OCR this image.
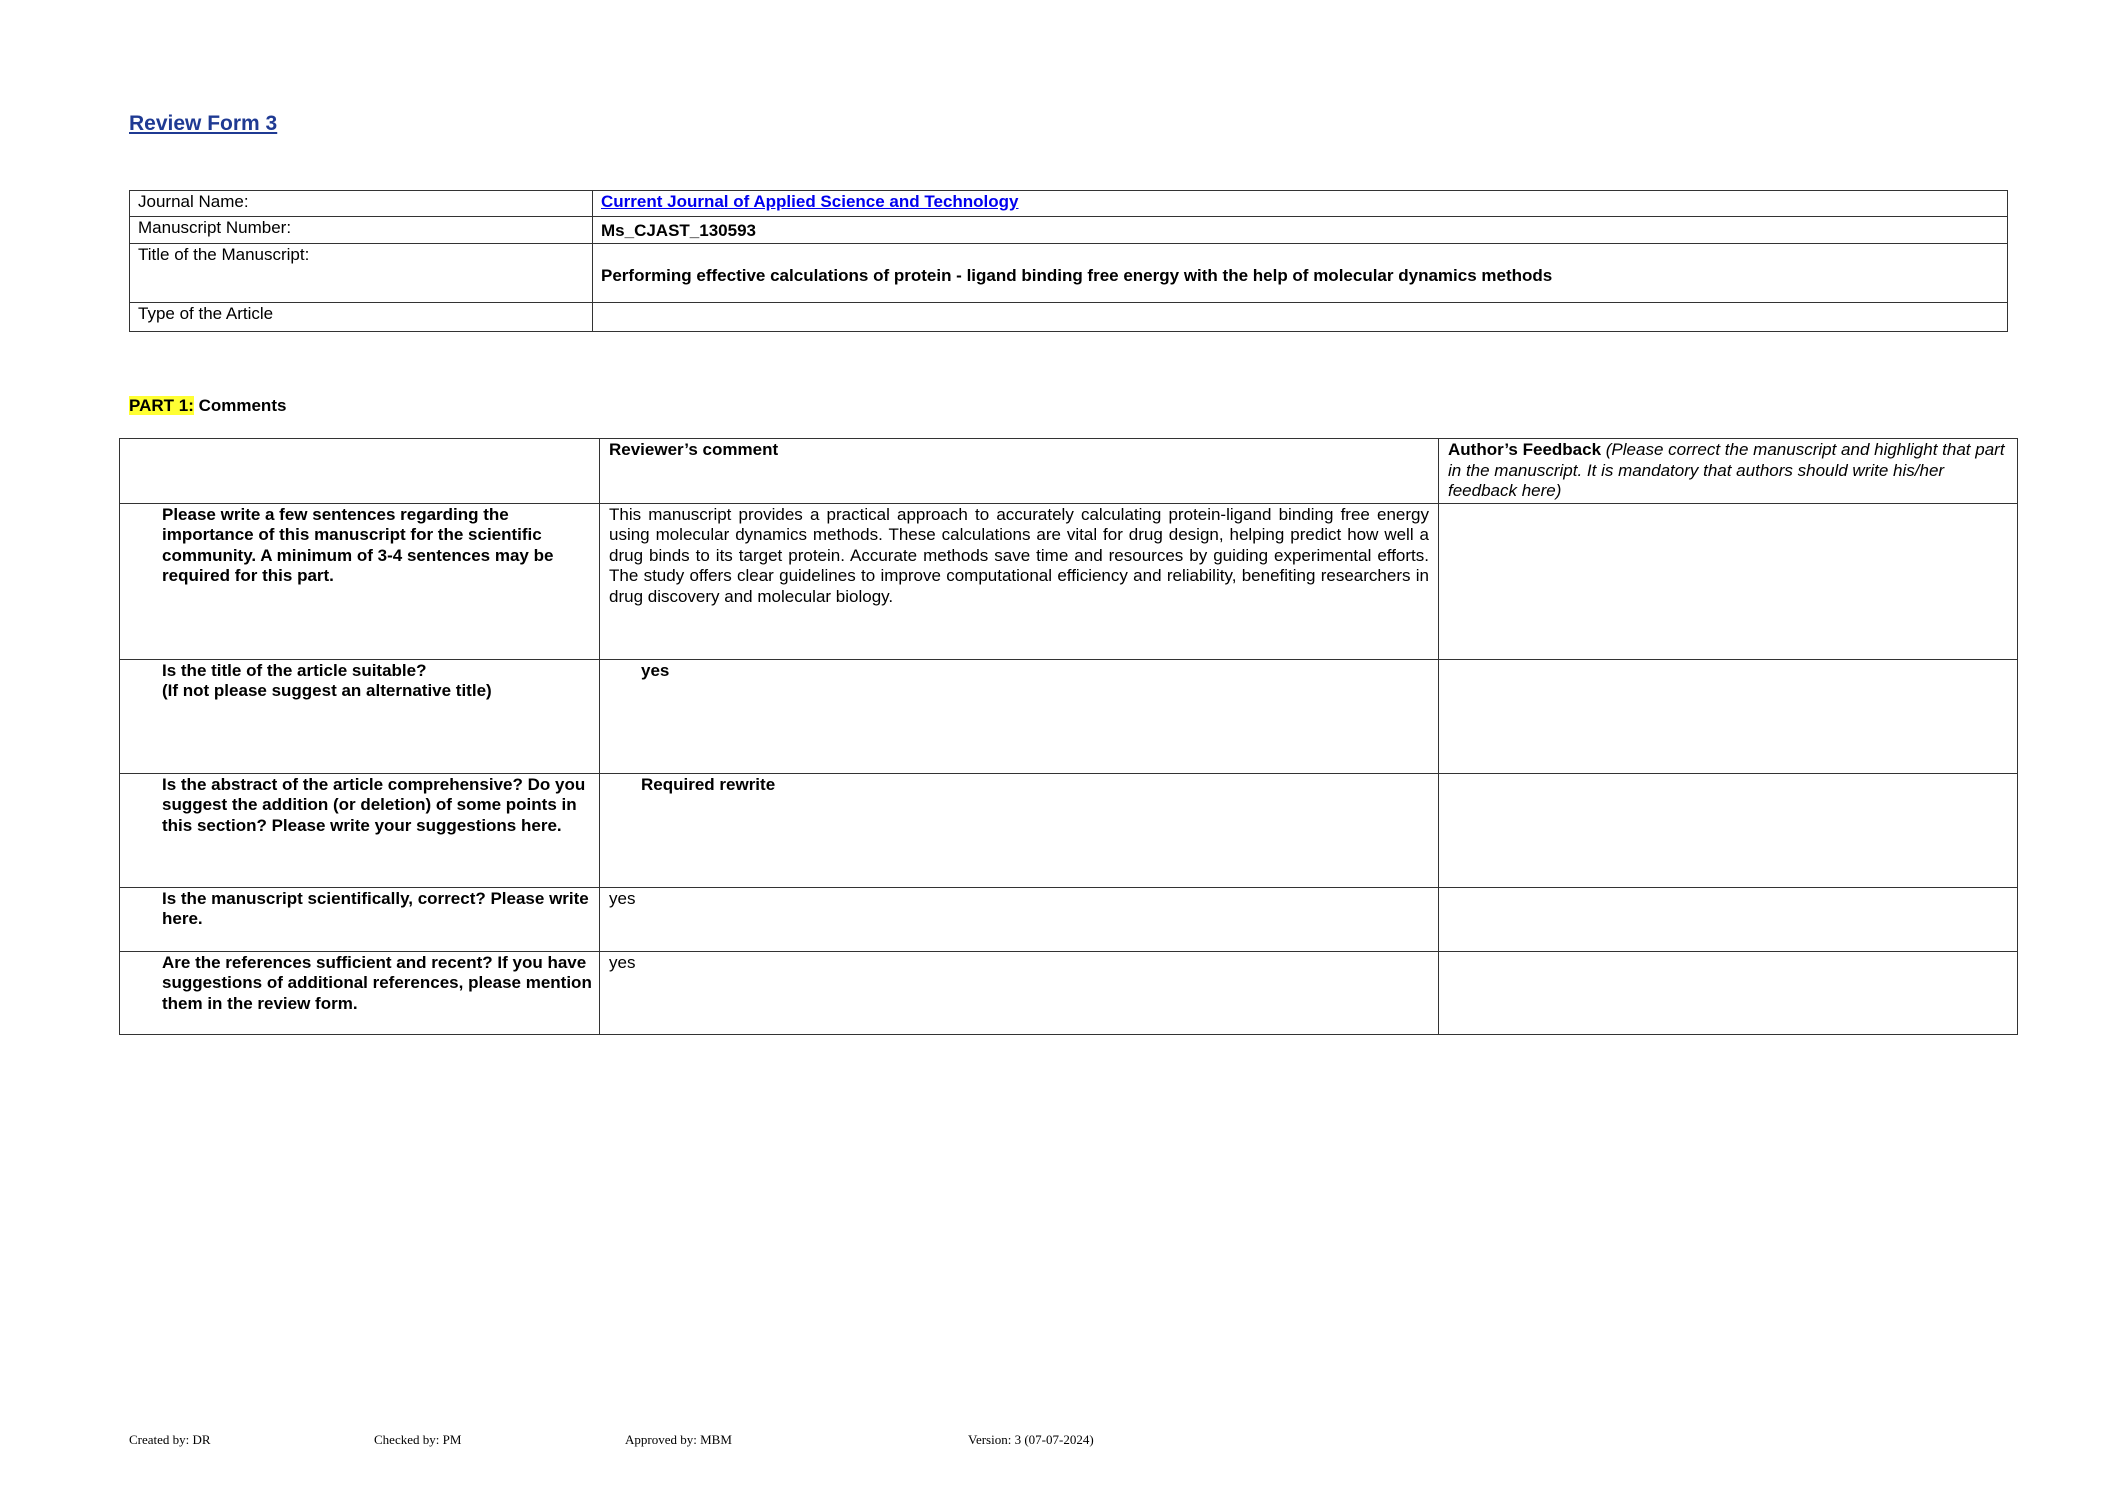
Review Form 3
Journal Name:	Current Journal of Applied Science and Technology
Manuscript Number:	Ms_CJAST_130593
Title of the Manuscript:	Performing effective calculations of protein - ligand binding free energy with the help of molecular dynamics methods
Type of the Article	
PART 1: Comments
	Reviewer’s comment	Author’s Feedback (Please correct the manuscript and highlight that part in the manuscript. It is mandatory that authors should write his/her feedback here)
Please write a few sentences regarding the importance of this manuscript for the scientific community. A minimum of 3-4 sentences may be required for this part.	This manuscript provides a practical approach to accurately calculating protein-ligand binding free energy using molecular dynamics methods. These calculations are vital for drug design, helping predict how well a drug binds to its target protein. Accurate methods save time and resources by guiding experimental efforts. The study offers clear guidelines to improve computational efficiency and reliability, benefiting researchers in drug discovery and molecular biology.	

Is the title of the article suitable?
(If not please suggest an alternative title)	yes	
Is the abstract of the article comprehensive? Do you suggest the addition (or deletion) of some points in this section? Please write your suggestions here.	Required rewrite	
Is the manuscript scientifically, correct? Please write here.	yes	
Are the references sufficient and recent? If you have suggestions of additional references, please mention them in the review form.	yes	
Created by: DR	Checked by: PM	Approved by: MBM	Version: 3 (07-07-2024)
